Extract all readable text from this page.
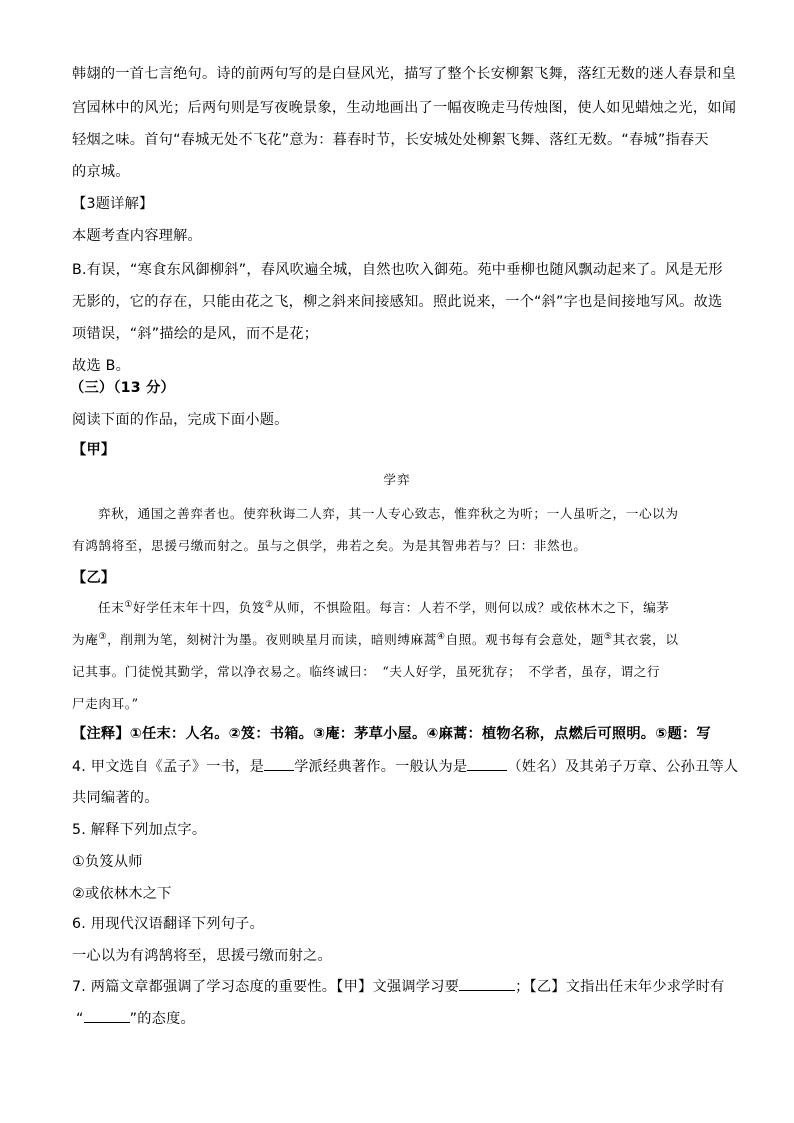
韩翃的一首七言绝句。诗的前两句写的是白昼风光，描写了整个长安柳絮飞舞，落红无数的迷人春景和皇
宫园林中的风光；后两句则是写夜晚景象，生动地画出了一幅夜晚走马传烛图，使人如见蜡烛之光，如闻
轻烟之味。首句“春城无处不飞花”意为：暮春时节，长安城处处柳絮飞舞、落红无数。“春城”指春天
的京城。
【3题详解】
本题考查内容理解。
B.有误，“寒食东风御柳斜”，春风吹遍全城，自然也吹入御苑。苑中垂柳也随风飘动起来了。风是无形
无影的，它的存在，只能由花之飞，柳之斜来间接感知。照此说来，一个“斜”字也是间接地写风。故选
项错误，“斜”描绘的是风，而不是花；
故选 B。
（三）（13 分）
阅读下面的作品，完成下面小题。
【甲】
学弈
弈秋，通国之善弈者也。使弈秋诲二人弈，其一人专心致志，惟弈秋之为听；一人虽听之，一心以为
有鸿鹄将至，思援弓缴而射之。虽与之俱学，弗若之矣。为是其智弗若与？曰：非然也。
【乙】
任末①好学任末年十四，负笈②从师，不惧险阻。每言：人若不学，则何以成？或依林木之下，编茅
为庵③，削荆为笔，刻树汁为墨。夜则映星月而读，暗则缚麻蒿④自照。观书每有会意处，题⑤其衣裳，以
记其事。门徒悦其勤学，常以净衣易之。临终诚曰：　“夫人好学，虽死犹存；　不学者，虽存，谓之行
尸走肉耳。”
【注释】①任末：人名。②笈：书箱。③庵：茅草小屋。④麻蒿：植物名称，点燃后可照明。⑤题：写
4. 甲文选自《孟子》一书，是 学派经典著作。一般认为是	（姓名）及其弟子万章、公孙丑等人
共同编著的。
5. 解释下列加点字。
①负笈从师
②或依林木之下
6. 用现代汉语翻译下列句子。
一心以为有鸿鹄将至，思援弓缴而射之。
7. 两篇文章都强调了学习态度的重要性。【甲】文强调学习要	；【乙】文指出任末年少求学时有
“	”的态度。
